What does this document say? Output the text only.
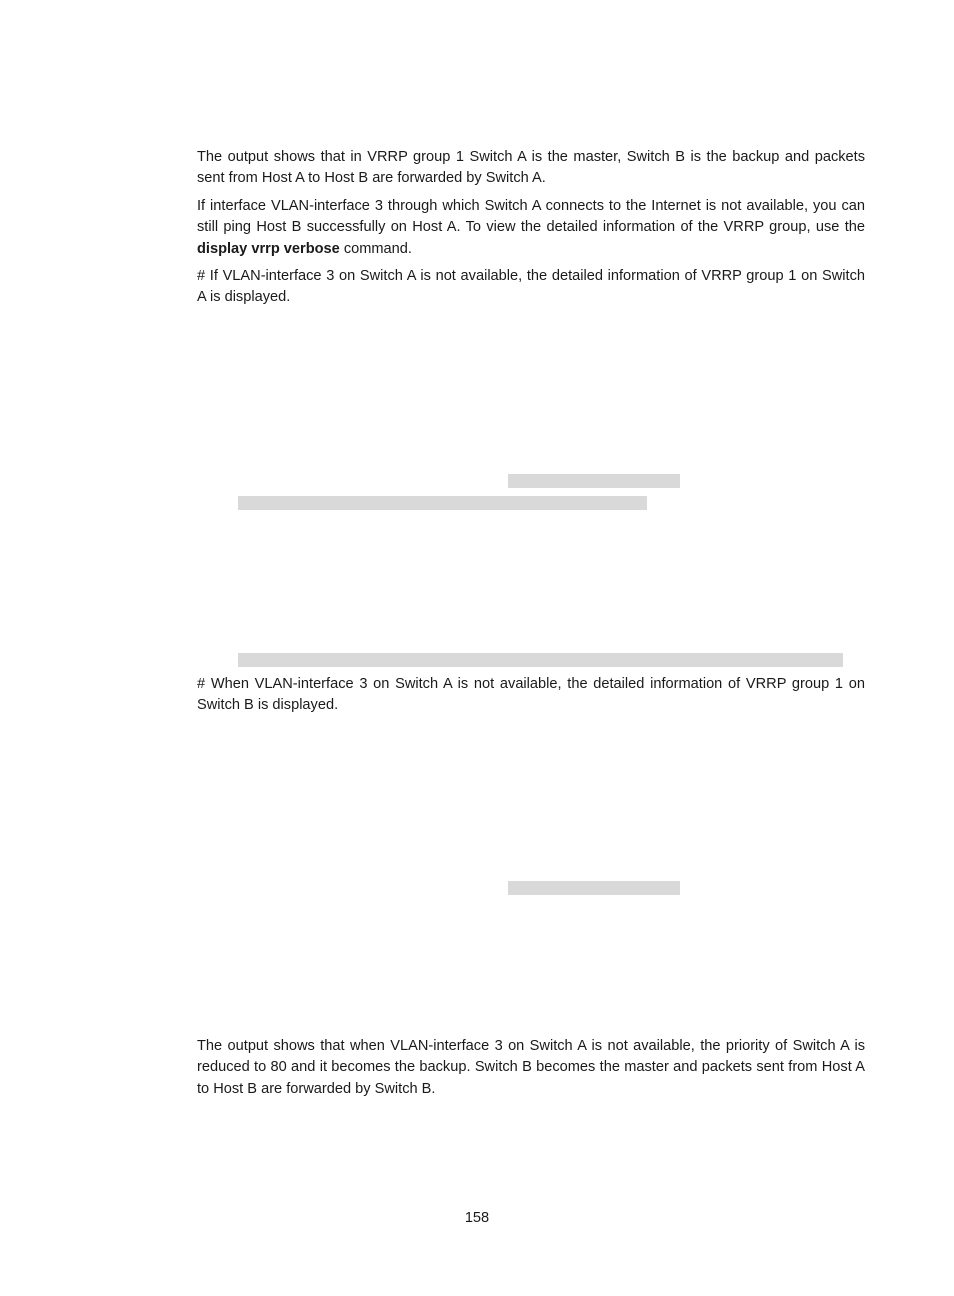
The output shows that in VRRP group 1 Switch A is the master, Switch B is the backup and packets sent from Host A to Host B are forwarded by Switch A.

If interface VLAN-interface 3 through which Switch A connects to the Internet is not available, you can still ping Host B successfully on Host A. To view the detailed information of the VRRP group, use the display vrrp verbose command.

# If VLAN-interface 3 on Switch A is not available, the detailed information of VRRP group 1 on Switch A is displayed.

# When VLAN-interface 3 on Switch A is not available, the detailed information of VRRP group 1 on Switch B is displayed.

The output shows that when VLAN-interface 3 on Switch A is not available, the priority of Switch A is reduced to 80 and it becomes the backup. Switch B becomes the master and packets sent from Host A to Host B are forwarded by Switch B.

158
